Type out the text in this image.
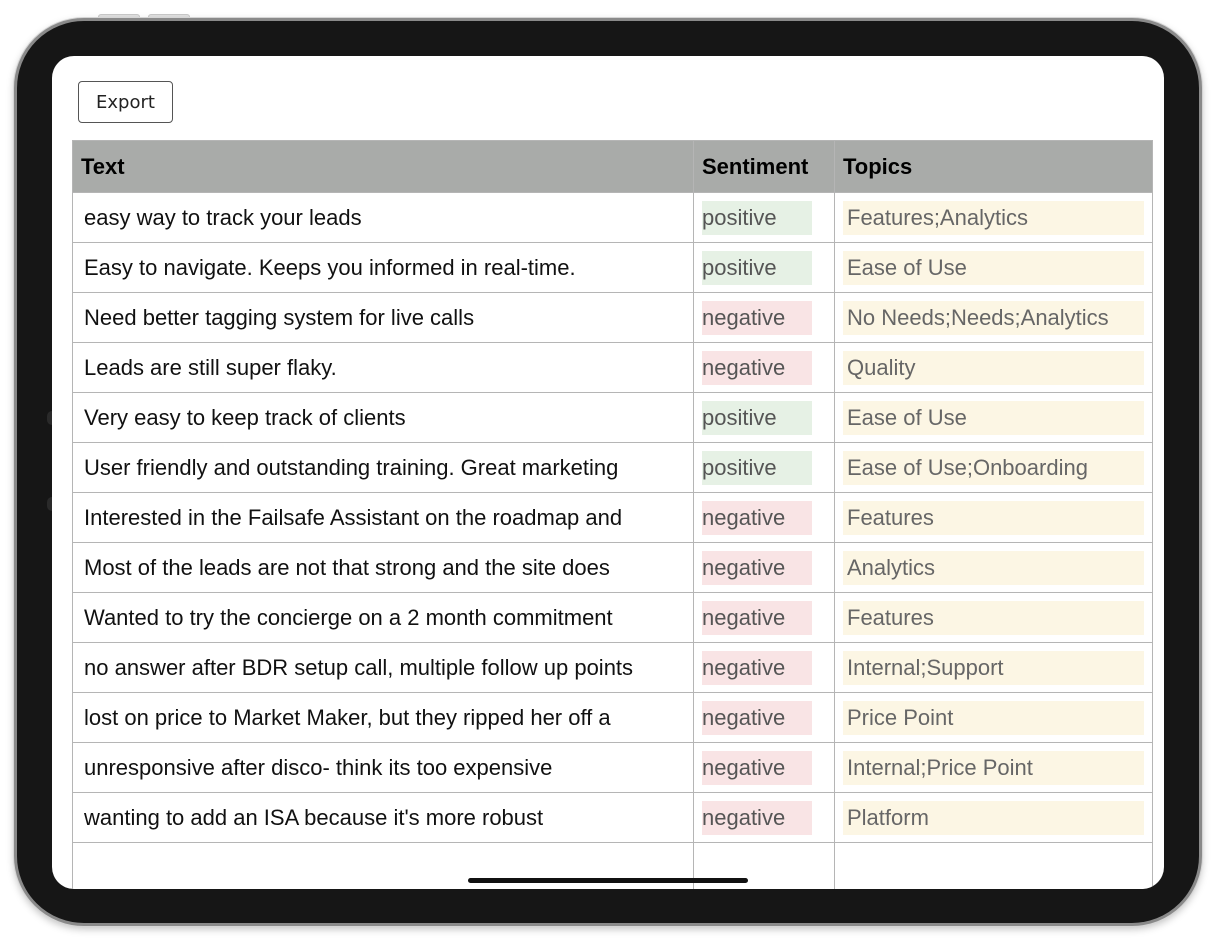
Export
Text	Sentiment	Topics
easy way to track your leads	positive	Features;Analytics

Easy to navigate. Keeps you informed in real-time.	positive	Ease of Use

Need better tagging system for live calls	negative	No Needs;Needs;Analytics

Leads are still super flaky.	negative	Quality

Very easy to keep track of clients	positive	Ease of Use

User friendly and outstanding training. Great marketing	positive	Ease of Use;Onboarding

Interested in the Failsafe Assistant on the roadmap and	negative	Features

Most of the leads are not that strong and the site does	negative	Analytics

Wanted to try the concierge on a 2 month commitment	negative	Features

no answer after BDR setup call, multiple follow up points	negative	Internal;Support

lost on price to Market Maker, but they ripped her off a	negative	Price Point

unresponsive after disco- think its too expensive	negative	Internal;Price Point

wanting to add an ISA because it's more robust	negative	Platform
